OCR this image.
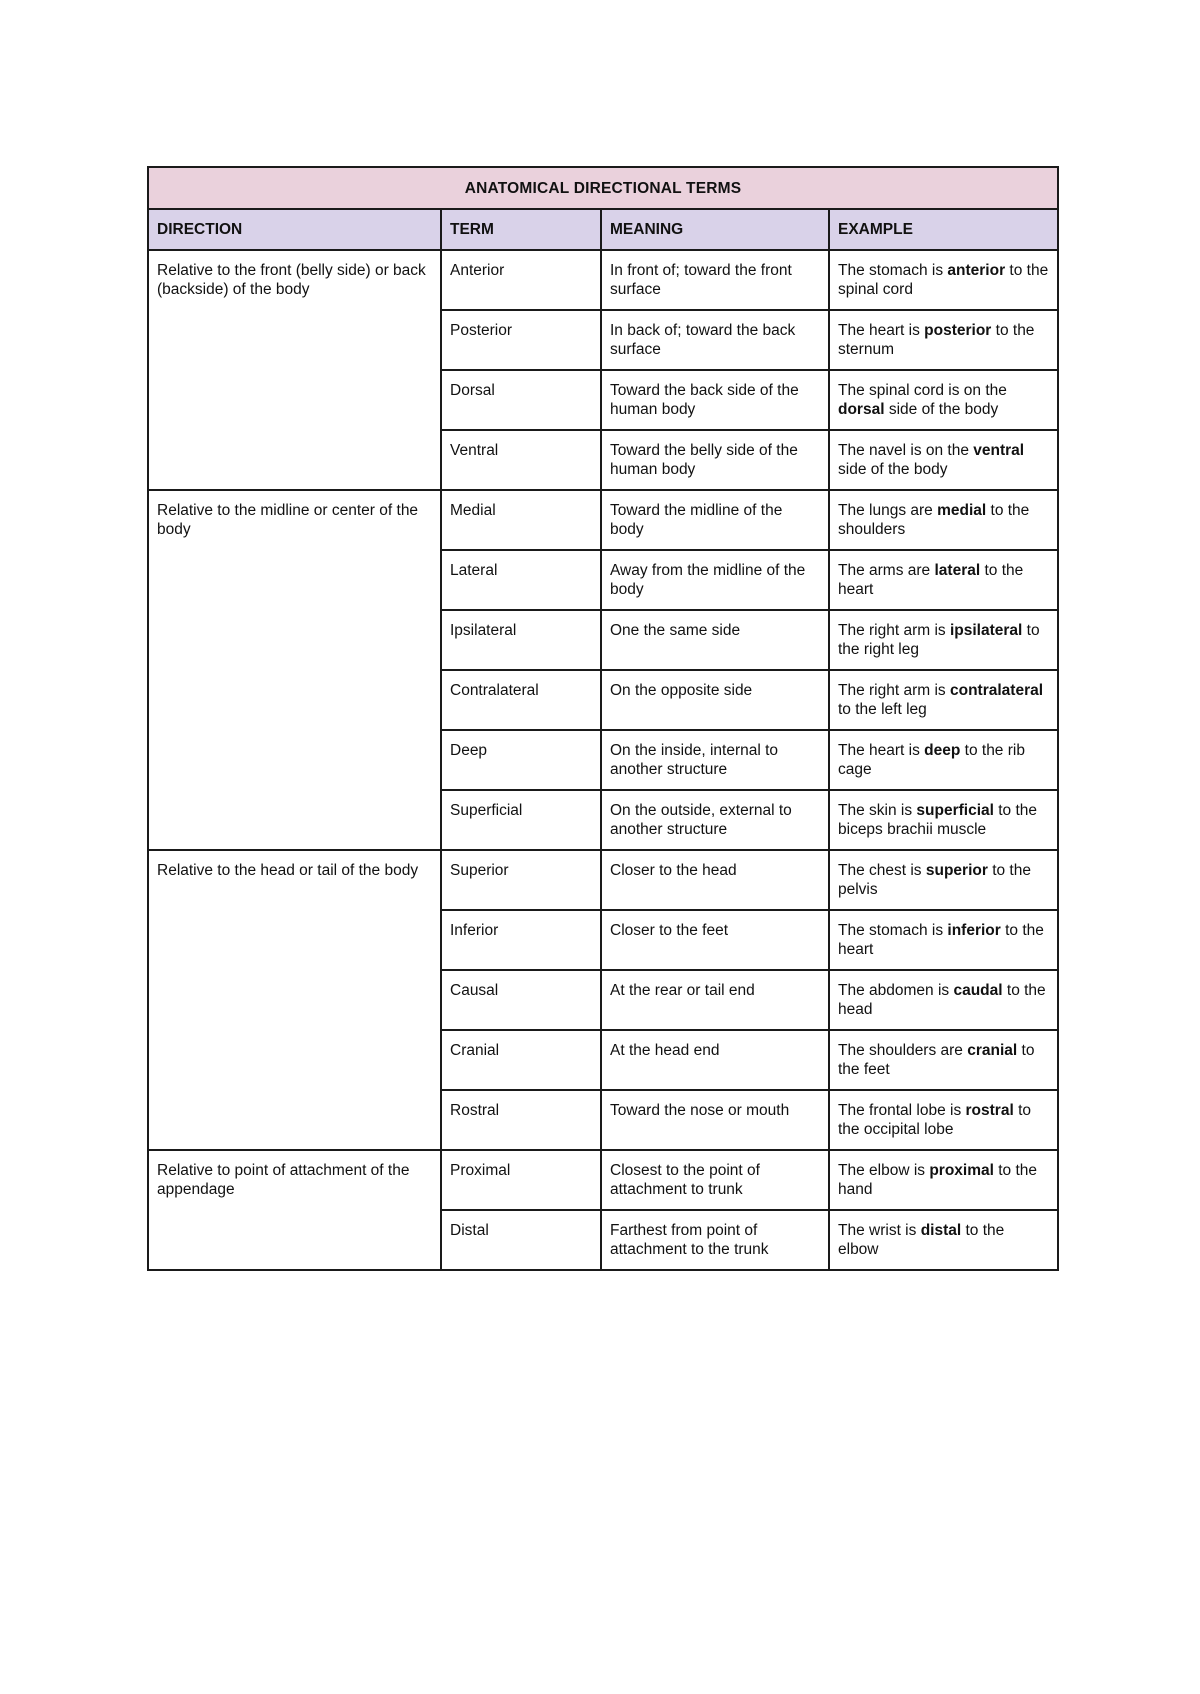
ANATOMICAL DIRECTIONAL TERMS			
DIRECTION	TERM	MEANING	EXAMPLE
Relative to the front (belly side) or back (backside) of the body	Anterior	In front of; toward the front surface	The stomach is anterior to the spinal cord
	Posterior	In back of; toward the back surface	The heart is posterior to the sternum
	Dorsal	Toward the back side of the human body	The spinal cord is on the dorsal side of the body
	Ventral	Toward the belly side of the human body	The navel is on the ventral side of the body
Relative to the midline or center of the body	Medial	Toward the midline of the body	The lungs are medial to the shoulders
	Lateral	Away from the midline of the body	The arms are lateral to the heart
	Ipsilateral	One the same side	The right arm is ipsilateral to the right leg
	Contralateral	On the opposite side	The right arm is contralateral to the left leg
	Deep	On the inside, internal to another structure	The heart is deep to the rib cage
	Superficial	On the outside, external to another structure	The skin is superficial to the biceps brachii muscle
Relative to the head or tail of the body	Superior	Closer to the head	The chest is superior to the pelvis
	Inferior	Closer to the feet	The stomach is inferior to the heart
	Causal	At the rear or tail end	The abdomen is caudal to the head
	Cranial	At the head end	The shoulders are cranial to the feet
	Rostral	Toward the nose or mouth	The frontal lobe is rostral to the occipital lobe
Relative to point of attachment of the appendage	Proximal	Closest to the point of attachment to trunk	The elbow is proximal to the hand
	Distal	Farthest from point of attachment to the trunk	The wrist is distal to the elbow
